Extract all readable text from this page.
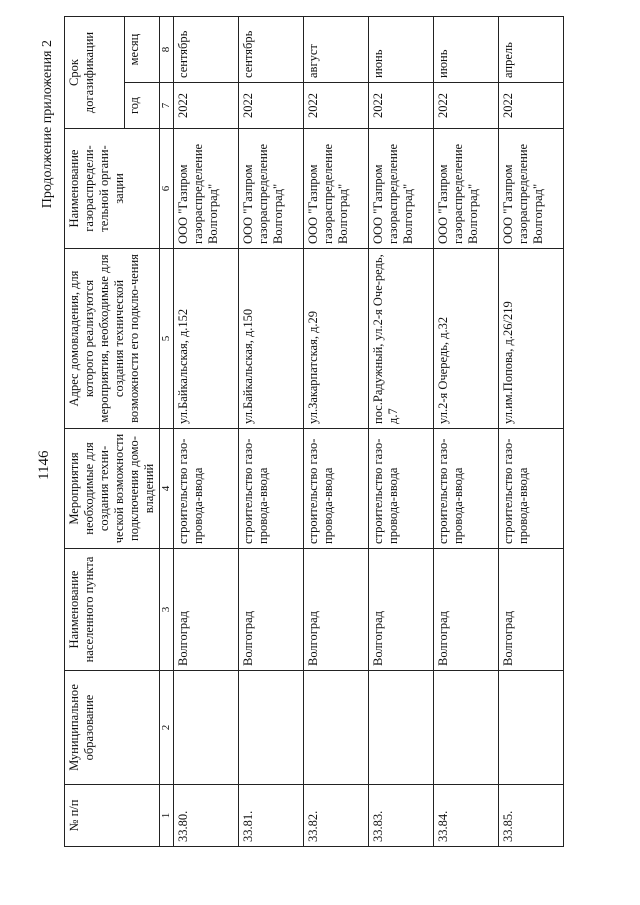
1146
Продолжение приложения 2
№ п/п	Муниципальное образование	Наименование населенного пункта	Мероприятия необходимые для создания техни-ческой возможности подключения домо-владений	Адрес домовладения, для которого реализуются мероприятия, необходимые для создания технической возможности его подклю-чения	Наименование газораспредели-тельной органи-зации	Срок догазификации	
						год	месяц
1	2	3	4	5	6	7	8
33.80.		Волгоград	строительство газо-провода-ввода	ул.Байкальская, д.152	ООО "Газпром газораспределение Волгоград"	2022	сентябрь
33.81.		Волгоград	строительство газо-провода-ввода	ул.Байкальская, д.150	ООО "Газпром газораспределение Волгоград"	2022	сентябрь
33.82.		Волгоград	строительство газо-провода-ввода	ул.Закарпатская, д.29	ООО "Газпром газораспределение Волгоград"	2022	август
33.83.		Волгоград	строительство газо-провода-ввода	пос.Радужный, ул.2-я Оче-редь, д.7	ООО "Газпром газораспределение Волгоград"	2022	июнь
33.84.		Волгоград	строительство газо-провода-ввода	ул.2-я Очередь, д.32	ООО "Газпром газораспределение Волгоград"	2022	июнь
33.85.		Волгоград	строительство газо-провода-ввода	ул.им.Попова, д.26/219	ООО "Газпром газораспределение Волгоград"	2022	апрель
